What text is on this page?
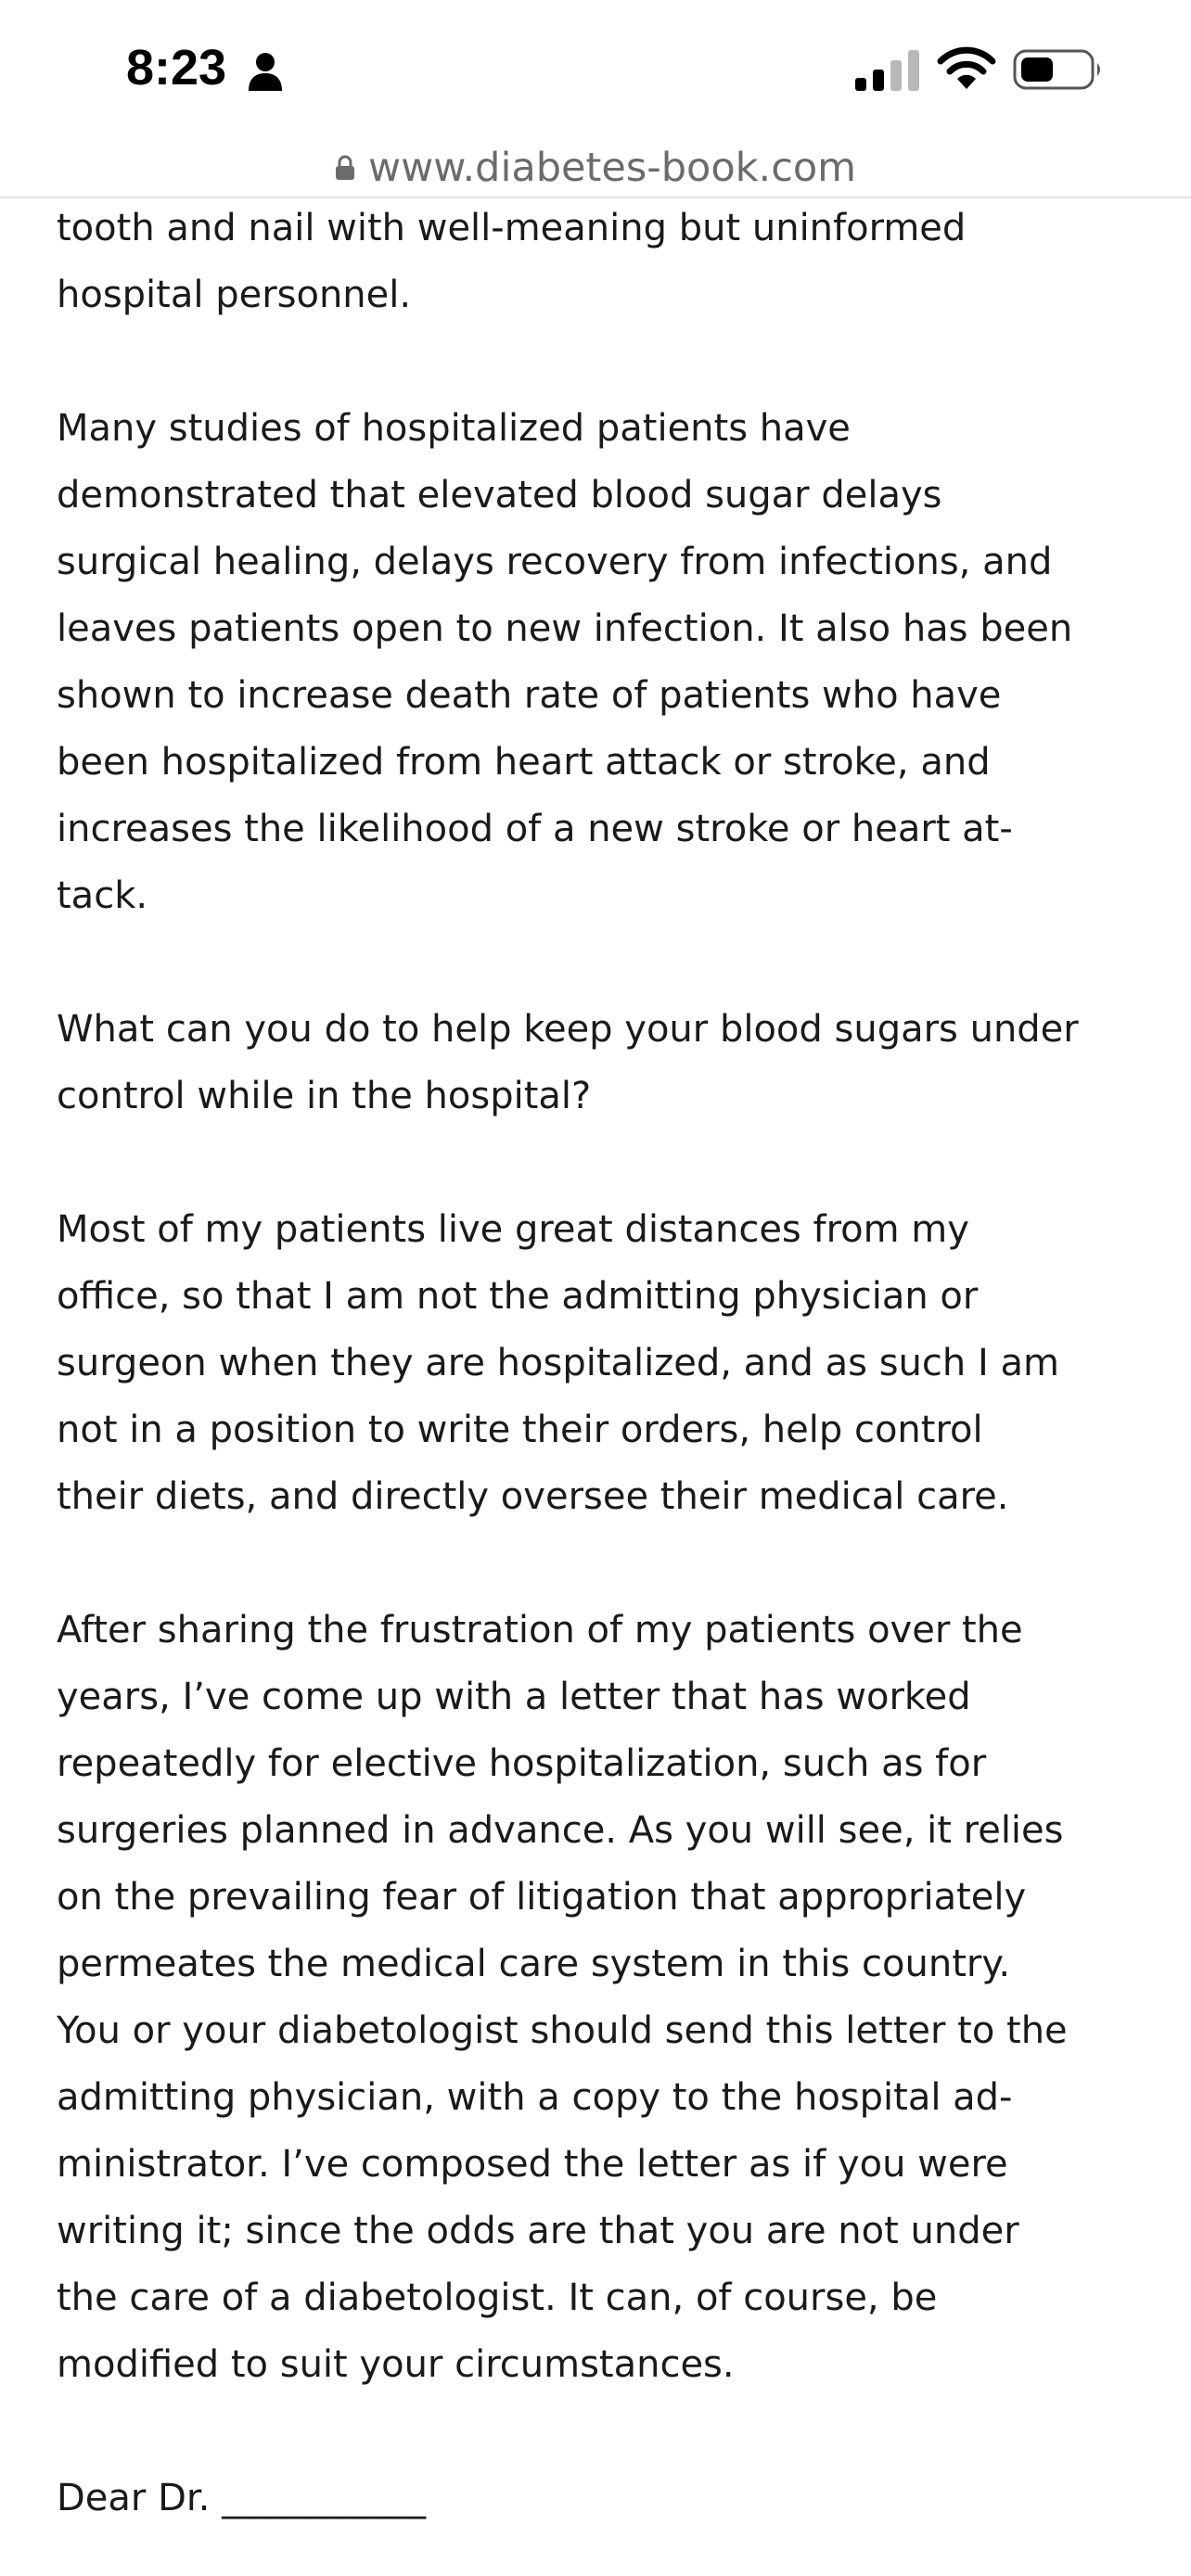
8:23
www.diabetes-book.com

tooth and nail with well-meaning but uninformed
hospital personnel.

Many studies of hospitalized patients have
demonstrated that elevated blood sugar delays
surgical healing, delays recovery from infections, and
leaves patients open to new infection. It also has been
shown to increase death rate of patients who have
been hospitalized from heart attack or stroke, and
increases the likelihood of a new stroke or heart at-
tack.

What can you do to help keep your blood sugars under
control while in the hospital?

Most of my patients live great distances from my
office, so that I am not the admitting physician or
surgeon when they are hospitalized, and as such I am
not in a position to write their orders, help control
their diets, and directly oversee their medical care.

After sharing the frustration of my patients over the
years, I’ve come up with a letter that has worked
repeatedly for elective hospitalization, such as for
surgeries planned in advance. As you will see, it relies
on the prevailing fear of litigation that appropriately
permeates the medical care system in this country.
You or your diabetologist should send this letter to the
admitting physician, with a copy to the hospital ad-
ministrator. I’ve composed the letter as if you were
writing it; since the odds are that you are not under
the care of a diabetologist. It can, of course, be
modified to suit your circumstances.

Dear Dr. ___________
